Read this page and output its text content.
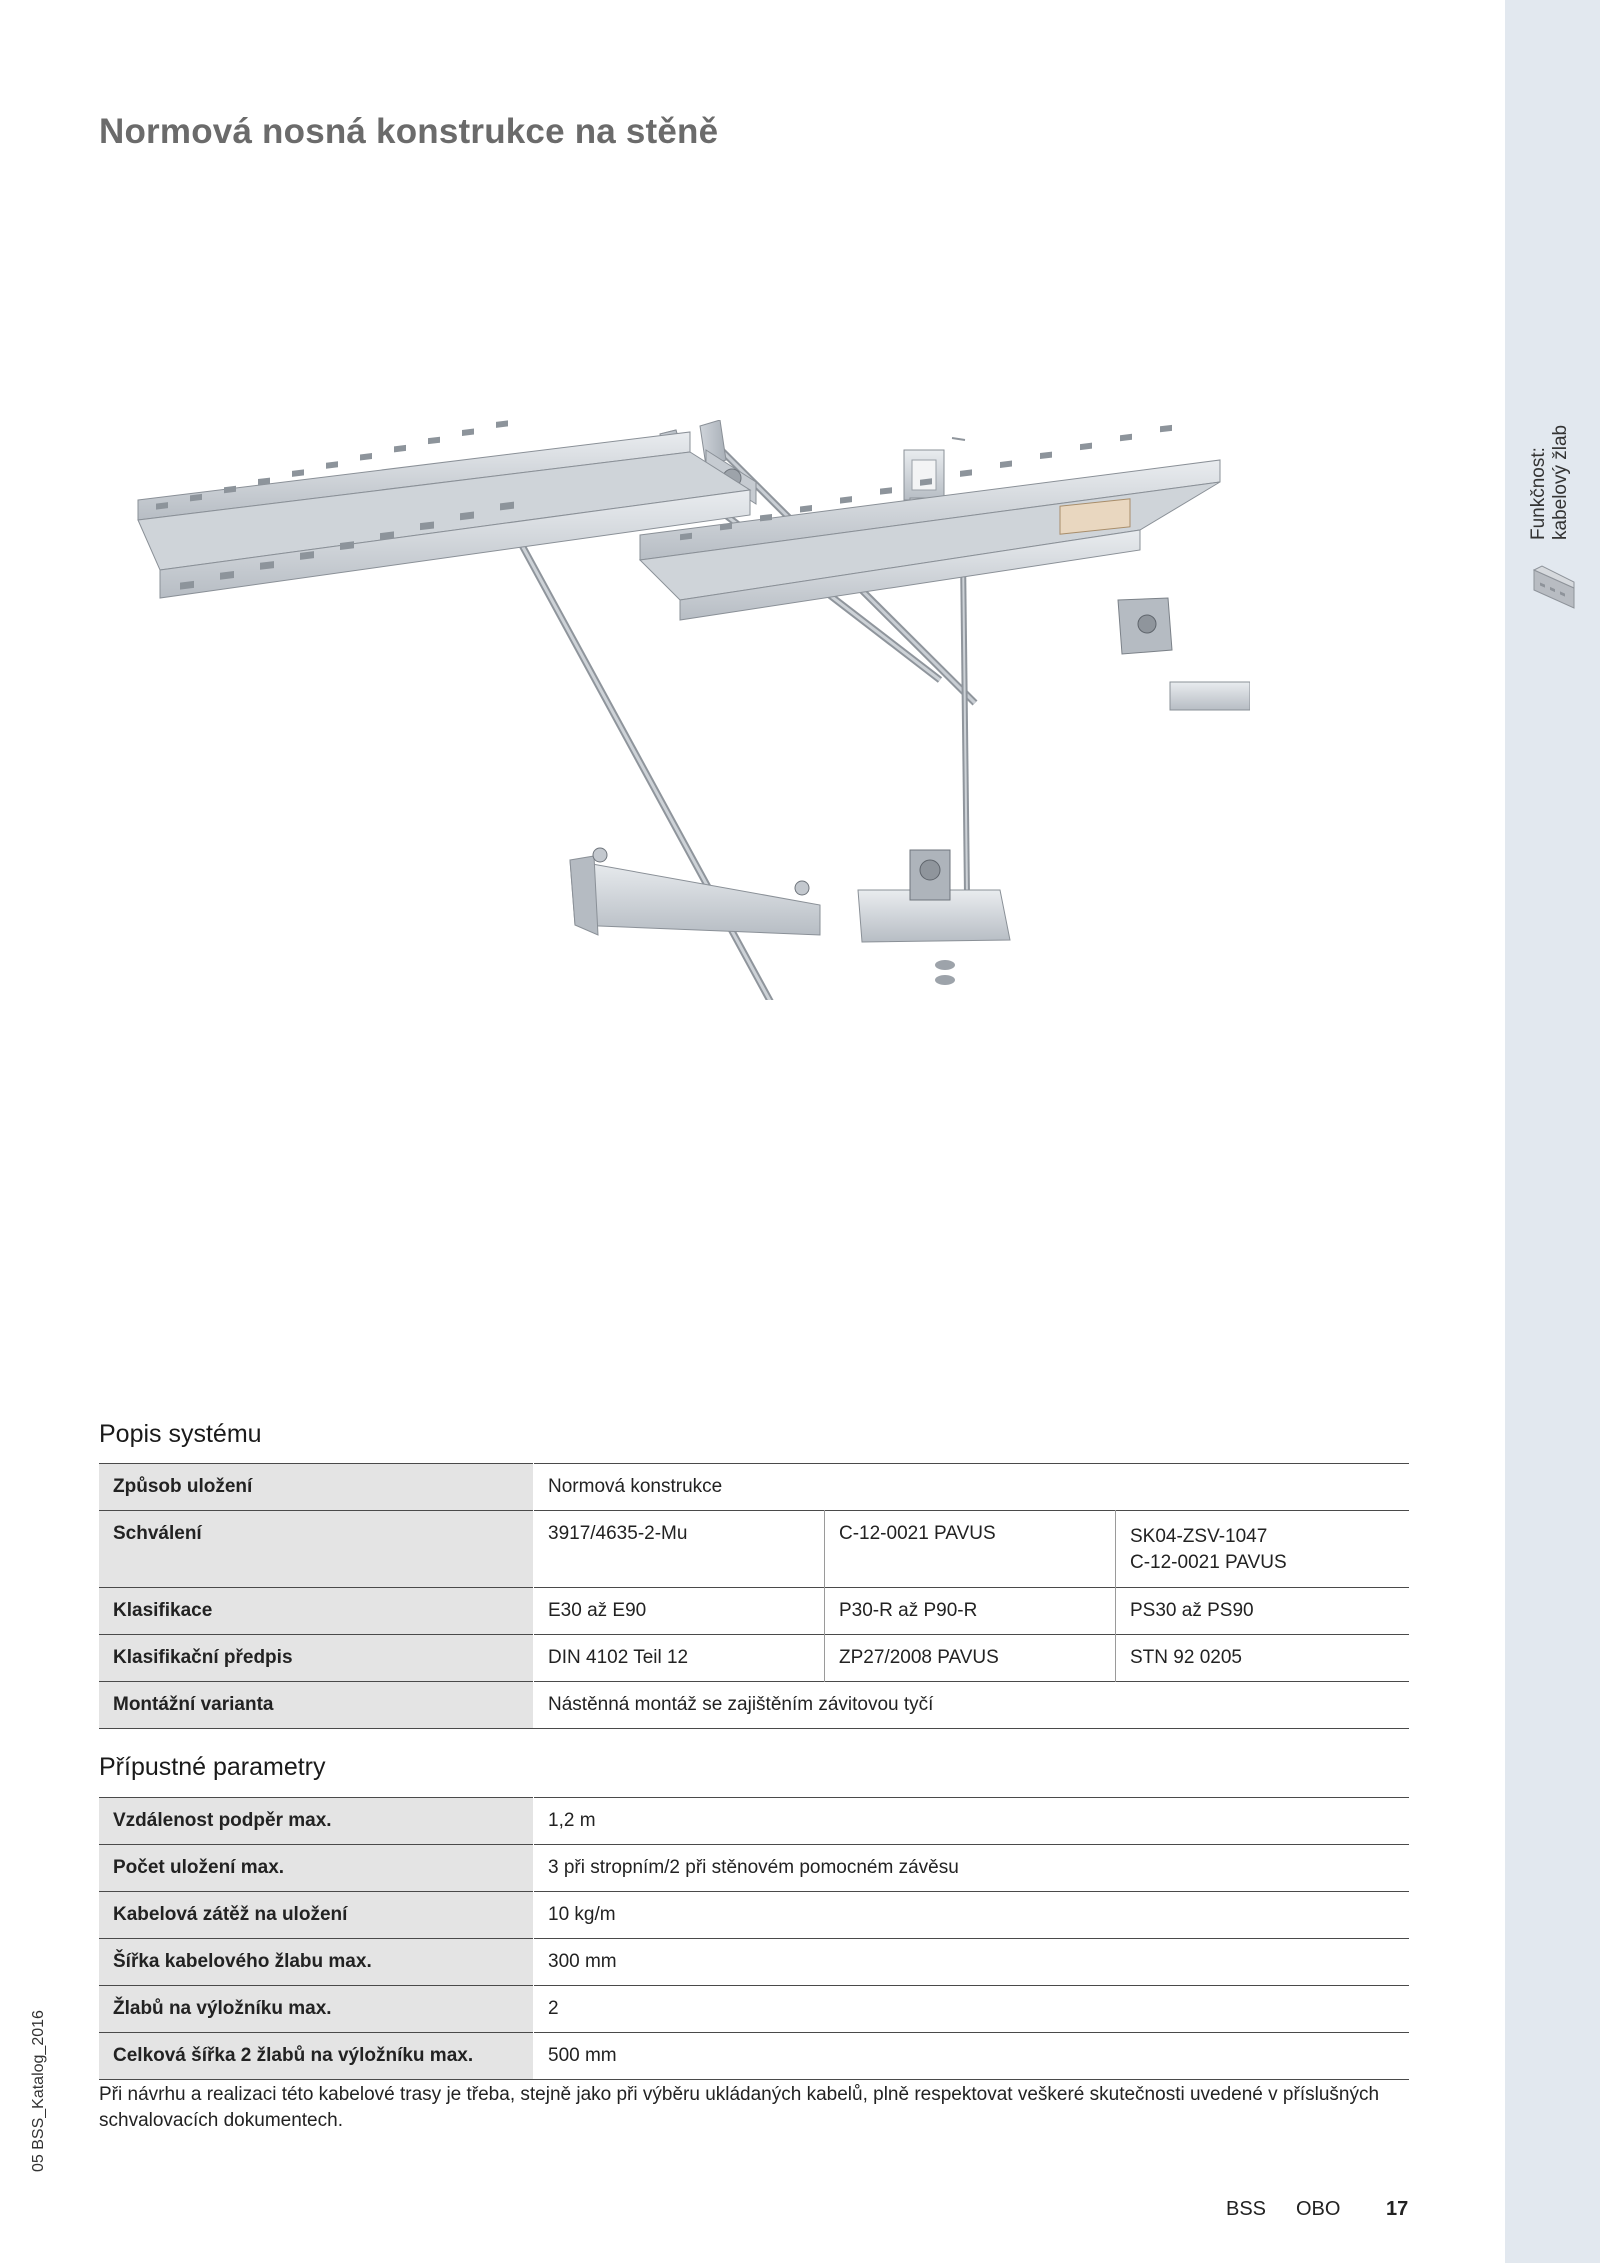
Funkčnost: kabelový žlab
Normová nosná konstrukce na stěně
Popis systému
Způsob uložení	Normová konstrukce		
Schválení	3917/4635-2-Mu	C-12-0021 PAVUS	SK04-ZSV-1047
C-12-0021 PAVUS

Klasifikace	E30 až E90	P30-R až P90-R	PS30 až PS90
Klasifikační předpis	DIN 4102 Teil 12	ZP27/2008 PAVUS	STN 92 0205
Montážní varianta	Nástěnná montáž se zajištěním závitovou tyčí		
Přípustné parametry
Vzdálenost podpěr max.	1,2 m
Počet uložení max.	3 při stropním/2 při stěnovém pomocném závěsu
Kabelová zátěž na uložení	10 kg/m
Šířka kabelového žlabu max.	300 mm
Žlabů na výložníku max.	2
Celková šířka 2 žlabů na výložníku max.	500 mm

Při návrhu a realizaci této kabelové trasy je třeba, stejně jako při výběru ukládaných kabelů, plně respektovat veškeré skutečnosti uvedené v příslušných schvalovacích dokumentech.

05 BSS_Katalog_2016
BSS OBO 17
